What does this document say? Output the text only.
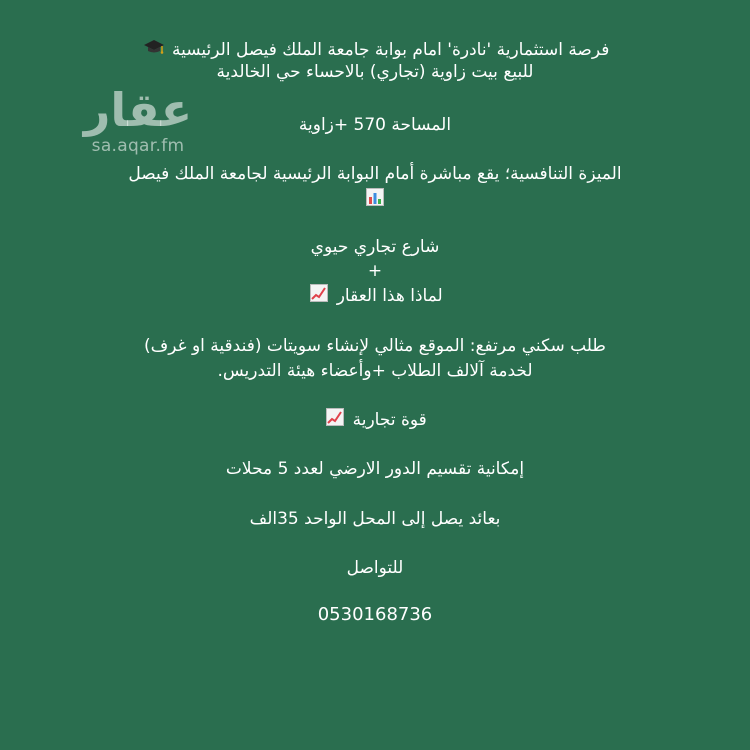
عقار
sa.aqar.fm
فرصة استثمارية 'نادرة' امام بوابة جامعة الملك فيصل الرئيسية
للبيع بيت زاوية (تجاري) بالاحساء حي الخالدية
المساحة 570 +زاوية
الميزة التنافسية؛ يقع مباشرة أمام البوابة الرئيسية لجامعة الملك فيصل
شارع تجاري حيوي
+
لماذا هذا العقار
طلب سكني مرتفع: الموقع مثالي لإنشاء سويتات (فندقية او غرف)
لخدمة آلالف الطلاب +وأعضاء هيئة التدريس.
قوة تجارية
إمكانية تقسيم الدور الارضي لعدد 5 محلات
بعائد يصل إلى المحل الواحد 35الف
للتواصل
0530168736
